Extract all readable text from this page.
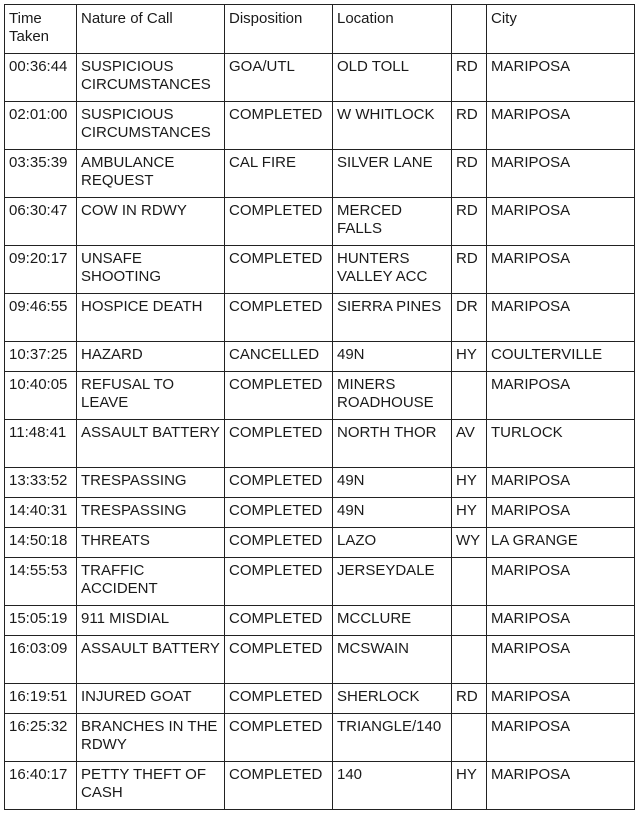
Time Taken	Nature of Call	Disposition	Location		City
00:36:44	SUSPICIOUS CIRCUMSTANCES	GOA/UTL	OLD TOLL	RD	MARIPOSA
02:01:00	SUSPICIOUS CIRCUMSTANCES	COMPLETED	W WHITLOCK	RD	MARIPOSA
03:35:39	AMBULANCE REQUEST	CAL FIRE	SILVER LANE	RD	MARIPOSA
06:30:47	COW IN RDWY	COMPLETED	MERCED FALLS	RD	MARIPOSA
09:20:17	UNSAFE SHOOTING	COMPLETED	HUNTERS VALLEY ACC	RD	MARIPOSA
09:46:55	HOSPICE DEATH	COMPLETED	SIERRA PINES	DR	MARIPOSA
10:37:25	HAZARD	CANCELLED	49N	HY	COULTERVILLE
10:40:05	REFUSAL TO LEAVE	COMPLETED	MINERS ROADHOUSE		MARIPOSA
11:48:41	ASSAULT BATTERY	COMPLETED	NORTH THOR	AV	TURLOCK
13:33:52	TRESPASSING	COMPLETED	49N	HY	MARIPOSA
14:40:31	TRESPASSING	COMPLETED	49N	HY	MARIPOSA
14:50:18	THREATS	COMPLETED	LAZO	WY	LA GRANGE
14:55:53	TRAFFIC ACCIDENT	COMPLETED	JERSEYDALE		MARIPOSA
15:05:19	911 MISDIAL	COMPLETED	MCCLURE		MARIPOSA
16:03:09	ASSAULT BATTERY	COMPLETED	MCSWAIN		MARIPOSA
16:19:51	INJURED GOAT	COMPLETED	SHERLOCK	RD	MARIPOSA
16:25:32	BRANCHES IN THE RDWY	COMPLETED	TRIANGLE/140		MARIPOSA
16:40:17	PETTY THEFT OF CASH	COMPLETED	140	HY	MARIPOSA
